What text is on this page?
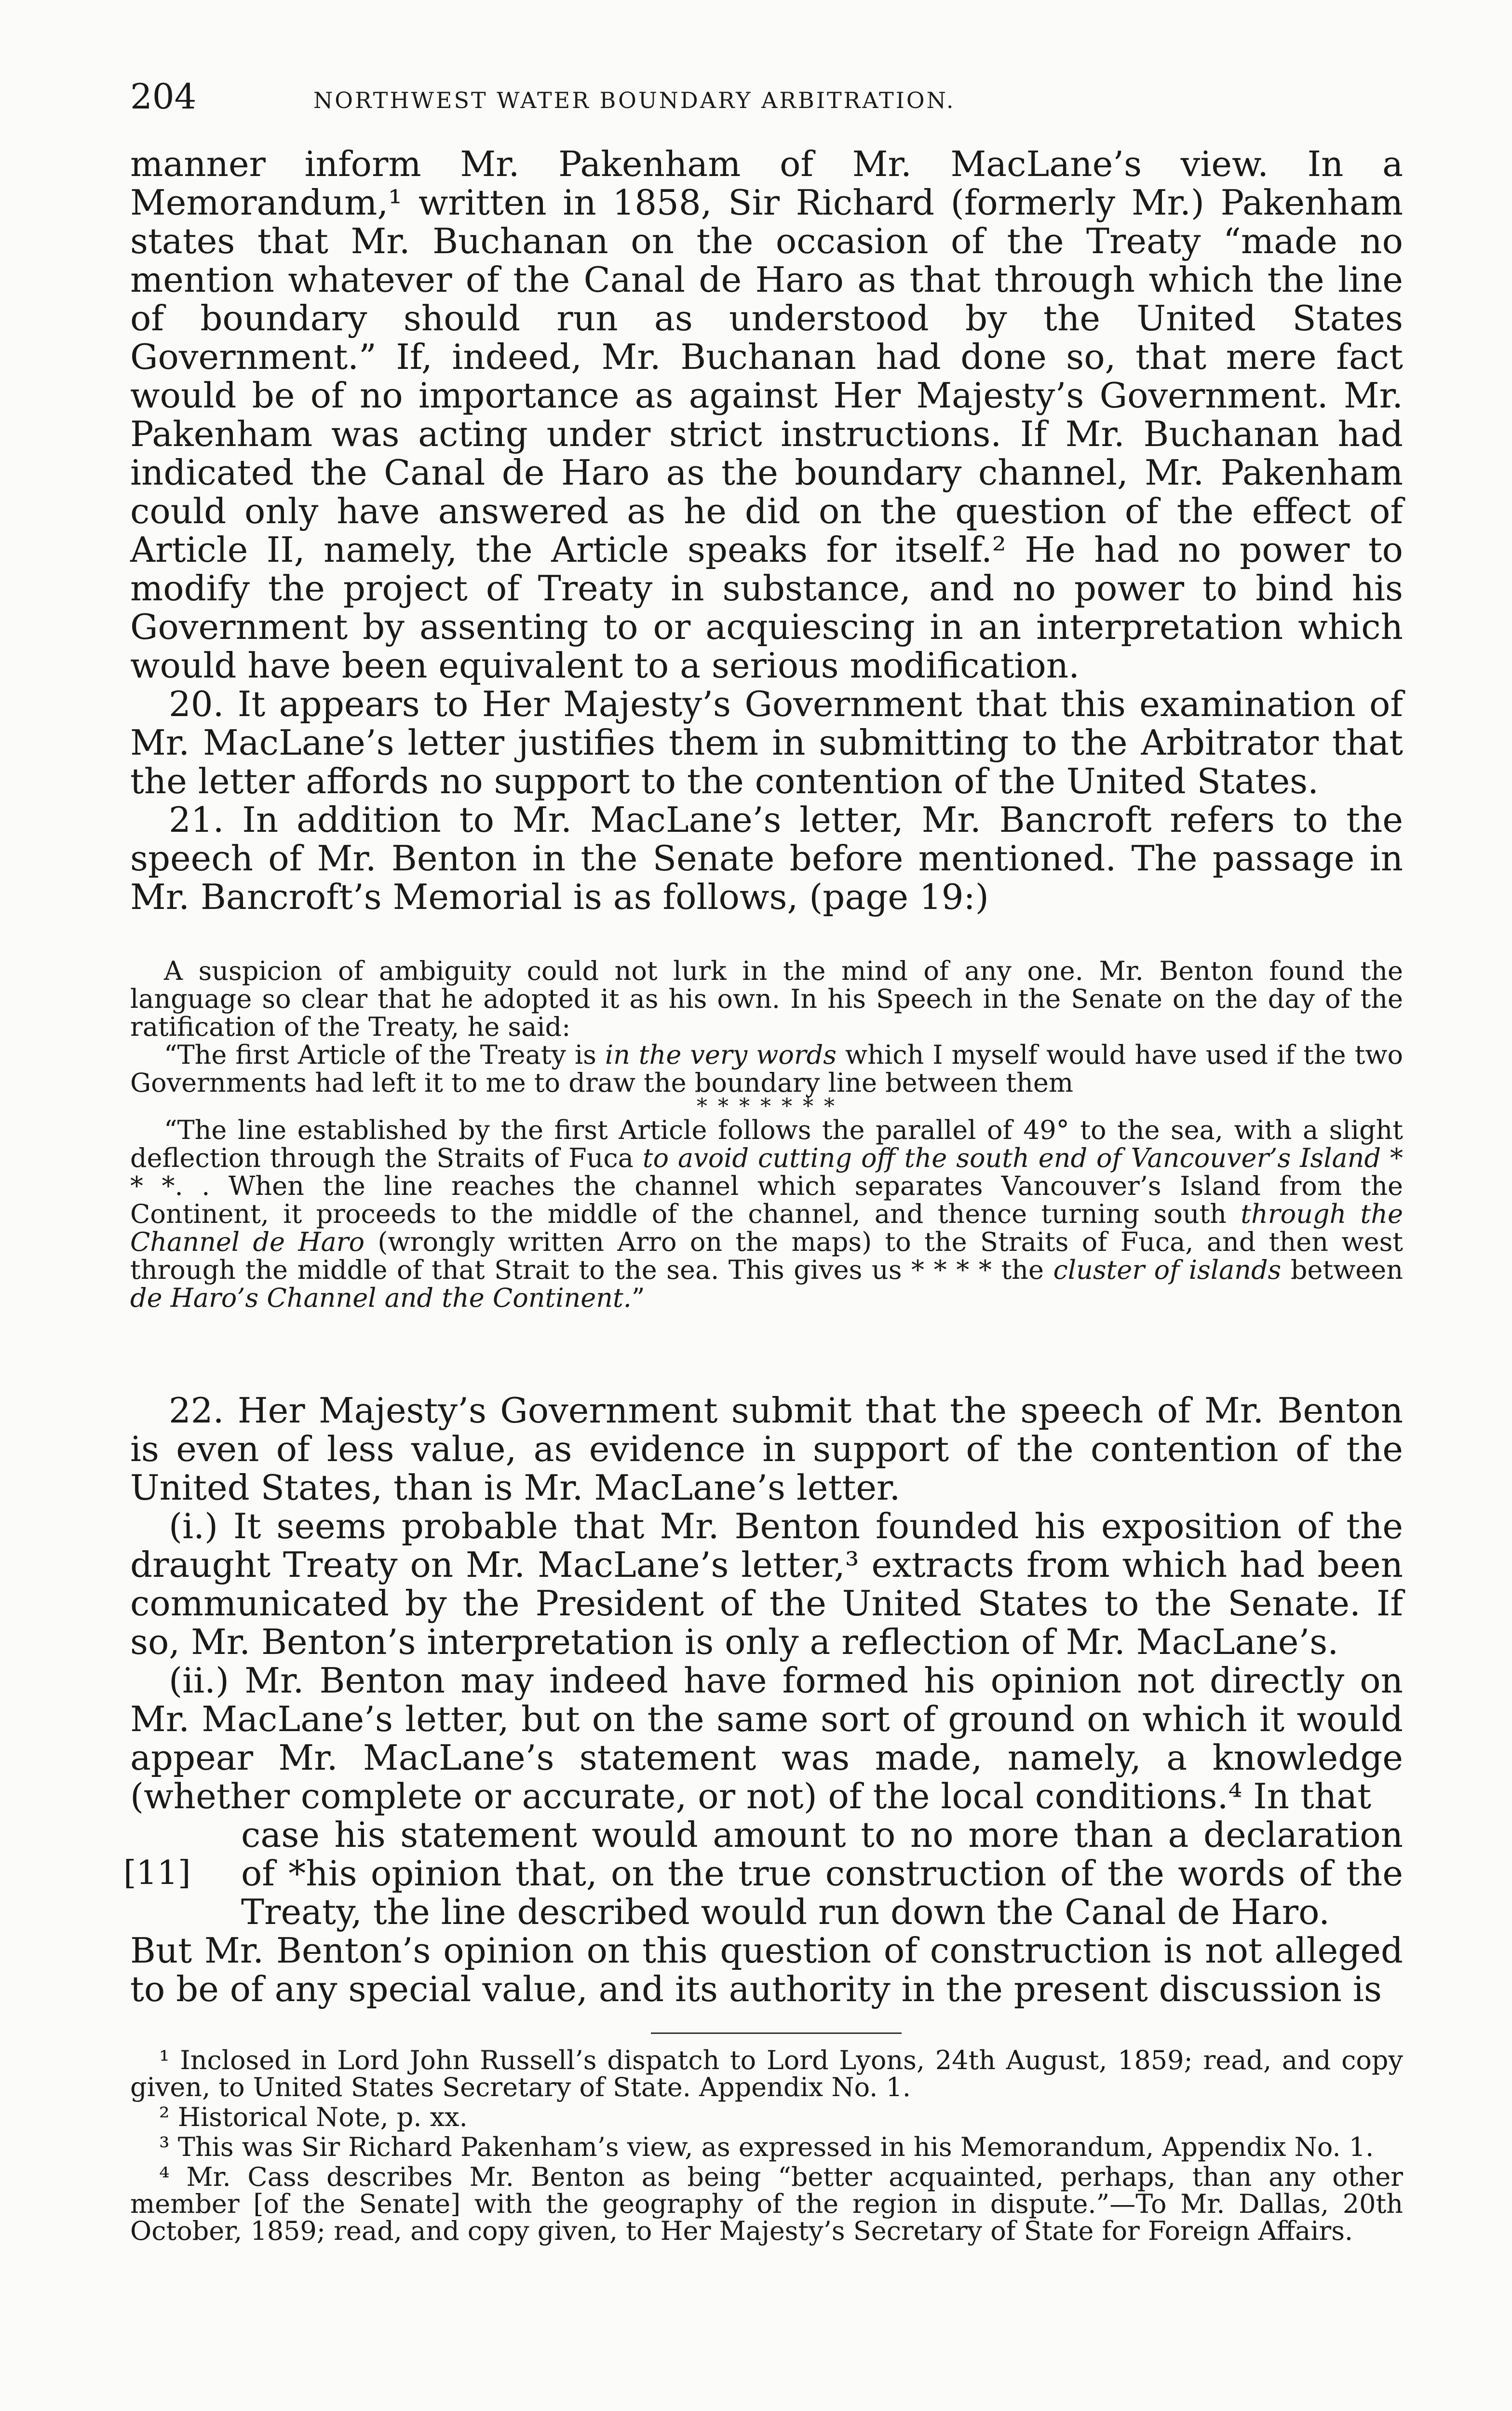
204	NORTHWEST WATER BOUNDARY ARBITRATION.

manner inform Mr. Pakenham of Mr. MacLane’s view. In a Memorandum,¹ written in 1858, Sir Richard (formerly Mr.) Pakenham states that Mr. Buchanan on the occasion of the Treaty “made no mention whatever of the Canal de Haro as that through which the line of boundary should run as understood by the United States Government.” If, indeed, Mr. Buchanan had done so, that mere fact would be of no importance as against Her Majesty’s Government. Mr. Pakenham was acting under strict instructions. If Mr. Buchanan had indicated the Canal de Haro as the boundary channel, Mr. Pakenham could only have answered as he did on the question of the effect of Article II, namely, the Article speaks for itself.² He had no power to modify the project of Treaty in substance, and no power to bind his Government by assenting to or acquiescing in an interpretation which would have been equivalent to a serious modification.

20. It appears to Her Majesty’s Government that this examination of Mr. MacLane’s letter justifies them in submitting to the Arbitrator that the letter affords no support to the contention of the United States.

21. In addition to Mr. MacLane’s letter, Mr. Bancroft refers to the speech of Mr. Benton in the Senate before mentioned. The passage in Mr. Bancroft’s Memorial is as follows, (page 19:)

A suspicion of ambiguity could not lurk in the mind of any one. Mr. Benton found the language so clear that he adopted it as his own. In his Speech in the Senate on the day of the ratification of the Treaty, he said:

“The first Article of the Treaty is in the very words which I myself would have used if the two Governments had left it to me to draw the boundary line between them

* * * * * * *

“The line established by the first Article follows the parallel of 49° to the sea, with a slight deflection through the Straits of Fuca to avoid cutting off the south end of Vancouver’s Island * * *. . When the line reaches the channel which separates Vancouver’s Island from the Continent, it proceeds to the middle of the channel, and thence turning south through the Channel de Haro (wrongly written Arro on the maps) to the Straits of Fuca, and then west through the middle of that Strait to the sea. This gives us * * * * the cluster of islands between de Haro’s Channel and the Continent.”

22. Her Majesty’s Government submit that the speech of Mr. Benton is even of less value, as evidence in support of the contention of the United States, than is Mr. MacLane’s letter.

(i.) It seems probable that Mr. Benton founded his exposition of the draught Treaty on Mr. MacLane’s letter,³ extracts from which had been communicated by the President of the United States to the Senate. If so, Mr. Benton’s interpretation is only a reflection of Mr. MacLane’s.

(ii.) Mr. Benton may indeed have formed his opinion not directly on Mr. MacLane’s letter, but on the same sort of ground on which it would appear Mr. MacLane’s statement was made, namely, a knowledge (whether complete or accurate, or not) of the local conditions.⁴ In that

[11]

case his statement would amount to no more than a declaration of *his opinion that, on the true construction of the words of the Treaty, the line described would run down the Canal de Haro.

But Mr. Benton’s opinion on this question of construction is not alleged to be of any special value, and its authority in the present discussion is

¹ Inclosed in Lord John Russell’s dispatch to Lord Lyons, 24th August, 1859; read, and copy given, to United States Secretary of State. Appendix No. 1.

² Historical Note, p. xx.

³ This was Sir Richard Pakenham’s view, as expressed in his Memorandum, Appendix No. 1.

⁴ Mr. Cass describes Mr. Benton as being “better acquainted, perhaps, than any other member [of the Senate] with the geography of the region in dispute.”—To Mr. Dallas, 20th October, 1859; read, and copy given, to Her Majesty’s Secretary of State for Foreign Affairs.
